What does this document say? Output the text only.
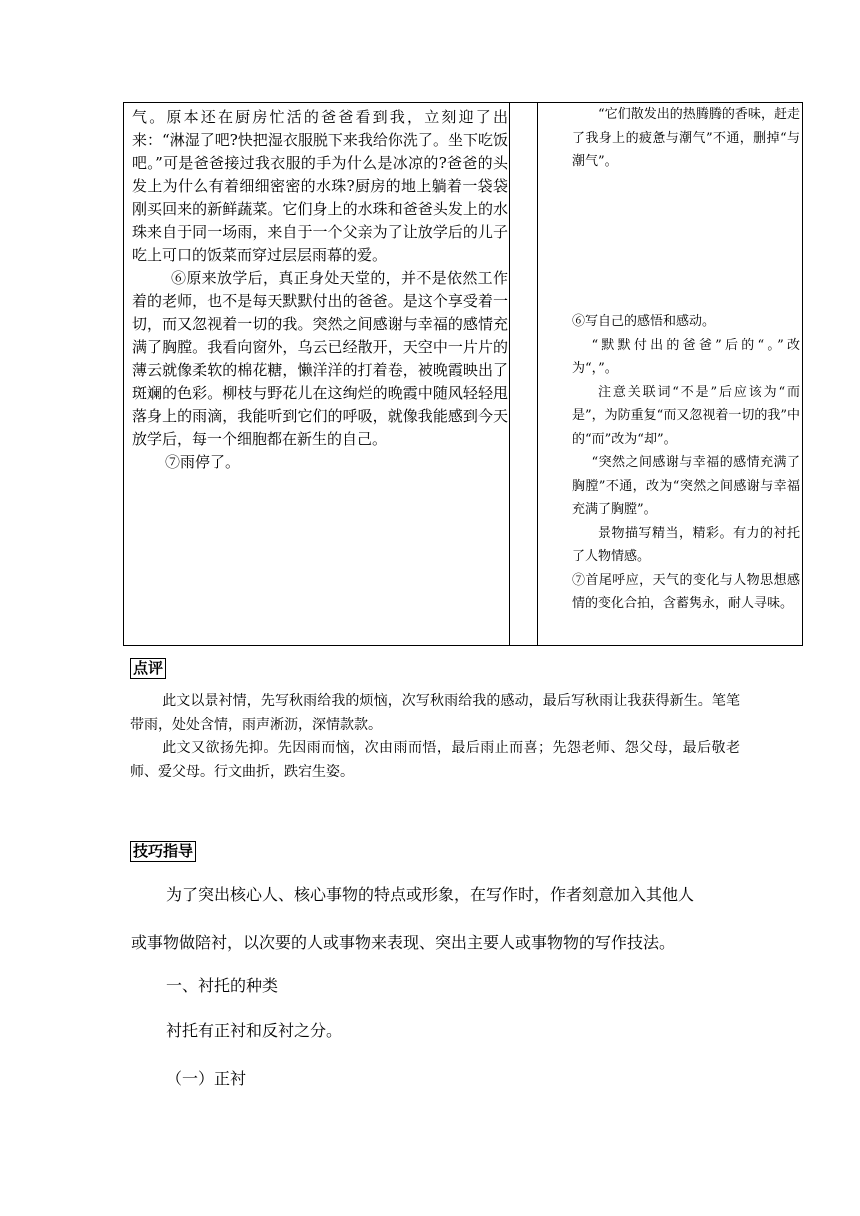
气。原本还在厨房忙活的爸爸看到我，立刻迎了出来：“淋湿了吧?快把湿衣服脱下来我给你洗了。坐下吃饭吧。”可是爸爸接过我衣服的手为什么是冰凉的?爸爸的头发上为什么有着细细密密的水珠?厨房的地上躺着一袋袋刚买回来的新鲜蔬菜。它们身上的水珠和爸爸头发上的水珠来自于同一场雨，来自于一个父亲为了让放学后的儿子吃上可口的饭菜而穿过层层雨幕的爱。

⑥原来放学后，真正身处天堂的，并不是依然工作着的老师，也不是每天默默付出的爸爸。是这个享受着一切，而又忽视着一切的我。突然之间感谢与幸福的感情充满了胸膛。我看向窗外，乌云已经散开，天空中一片片的薄云就像柔软的棉花糖，懒洋洋的打着卷，被晚霞映出了斑斓的色彩。柳枝与野花儿在这绚烂的晚霞中随风轻轻甩落身上的雨滴，我能听到它们的呼吸，就像我能感到今天放学后，每一个细胞都在新生的自己。

⑦雨停了。

“它们散发出的热腾腾的香味，赶走了我身上的疲惫与潮气”不通，删掉“与潮气”。

⑥写自己的感悟和感动。

“默默付出的爸爸”后的“。”改为“，”。

注意关联词“不是”后应该为“而是”，为防重复“而又忽视着一切的我”中的“而”改为“却”。

“突然之间感谢与幸福的感情充满了胸膛”不通，改为“突然之间感谢与幸福充满了胸膛”。

景物描写精当，精彩。有力的衬托了人物情感。

⑦首尾呼应，天气的变化与人物思想感情的变化合拍，含蓄隽永，耐人寻味。

点评

此文以景衬情，先写秋雨给我的烦恼，次写秋雨给我的感动，最后写秋雨让我获得新生。笔笔带雨，处处含情，雨声淅沥，深情款款。

此文又欲扬先抑。先因雨而恼，次由雨而悟，最后雨止而喜；先怨老师、怨父母，最后敬老师、爱父母。行文曲折，跌宕生姿。

技巧指导
为了突出核心人、核心事物的特点或形象，在写作时，作者刻意加入其他人
或事物做陪衬，以次要的人或事物来表现、突出主要人或事物物的写作技法。
一、衬托的种类
衬托有正衬和反衬之分。
（一）正衬
